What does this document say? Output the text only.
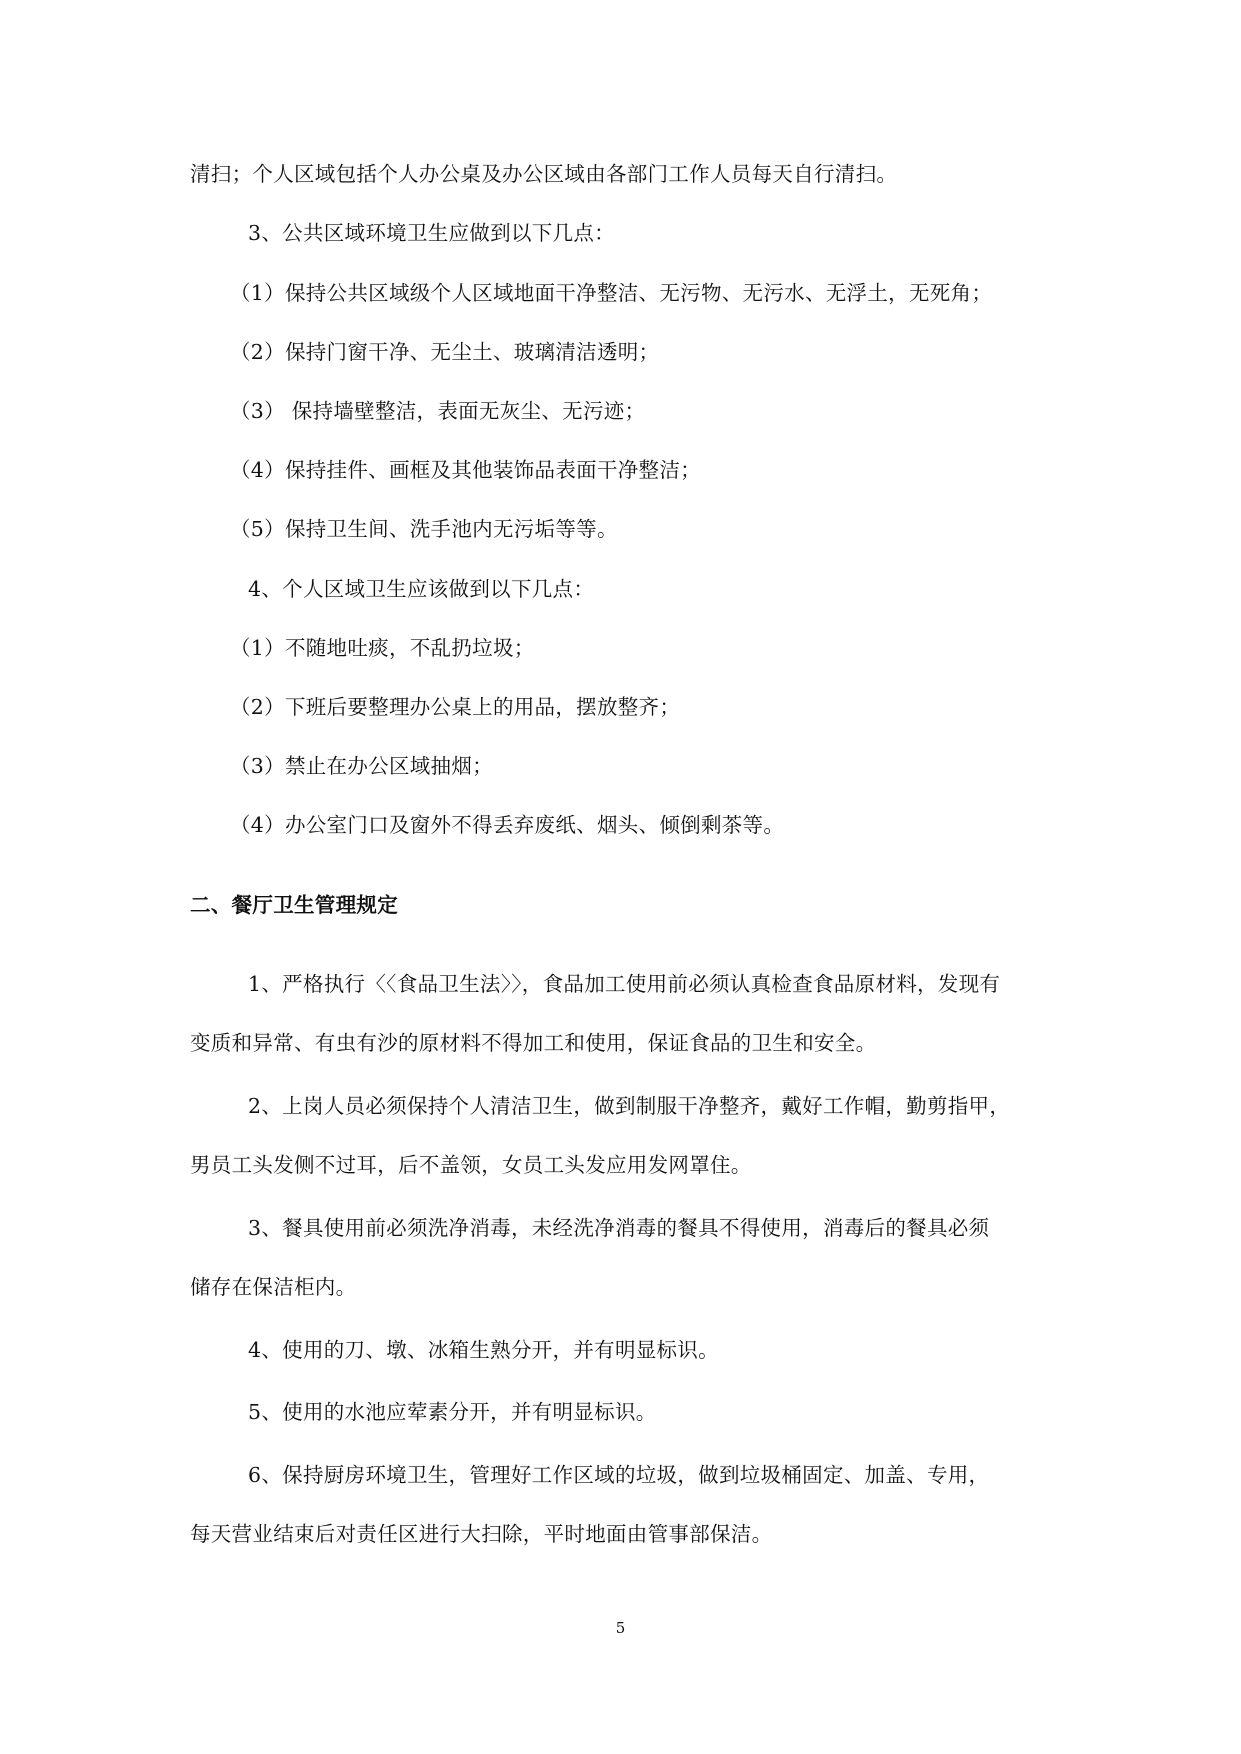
清扫；个人区域包括个人办公桌及办公区域由各部门工作人员每天自行清扫。
3、公共区域环境卫生应做到以下几点：
（1）保持公共区域级个人区域地面干净整洁、无污物、无污水、无浮土，无死角；
（2）保持门窗干净、无尘土、玻璃清洁透明；
（3） 保持墙壁整洁，表面无灰尘、无污迹；
（4）保持挂件、画框及其他装饰品表面干净整洁；
（5）保持卫生间、洗手池内无污垢等等。
4、个人区域卫生应该做到以下几点：
（1）不随地吐痰，不乱扔垃圾；
（2）下班后要整理办公桌上的用品，摆放整齐；
（3）禁止在办公区域抽烟；
（4）办公室门口及窗外不得丢弃废纸、烟头、倾倒剩茶等。
二、餐厅卫生管理规定
1、严格执行〈〈食品卫生法〉〉，食品加工使用前必须认真检查食品原材料，发现有
变质和异常、有虫有沙的原材料不得加工和使用，保证食品的卫生和安全。
2、上岗人员必须保持个人清洁卫生，做到制服干净整齐，戴好工作帽，勤剪指甲，
男员工头发侧不过耳，后不盖领，女员工头发应用发网罩住。
3、餐具使用前必须洗净消毒，未经洗净消毒的餐具不得使用，消毒后的餐具必须
储存在保洁柜内。
4、使用的刀、墩、冰箱生熟分开，并有明显标识。
5、使用的水池应荤素分开，并有明显标识。
6、保持厨房环境卫生，管理好工作区域的垃圾，做到垃圾桶固定、加盖、专用，
每天营业结束后对责任区进行大扫除，平时地面由管事部保洁。
5
